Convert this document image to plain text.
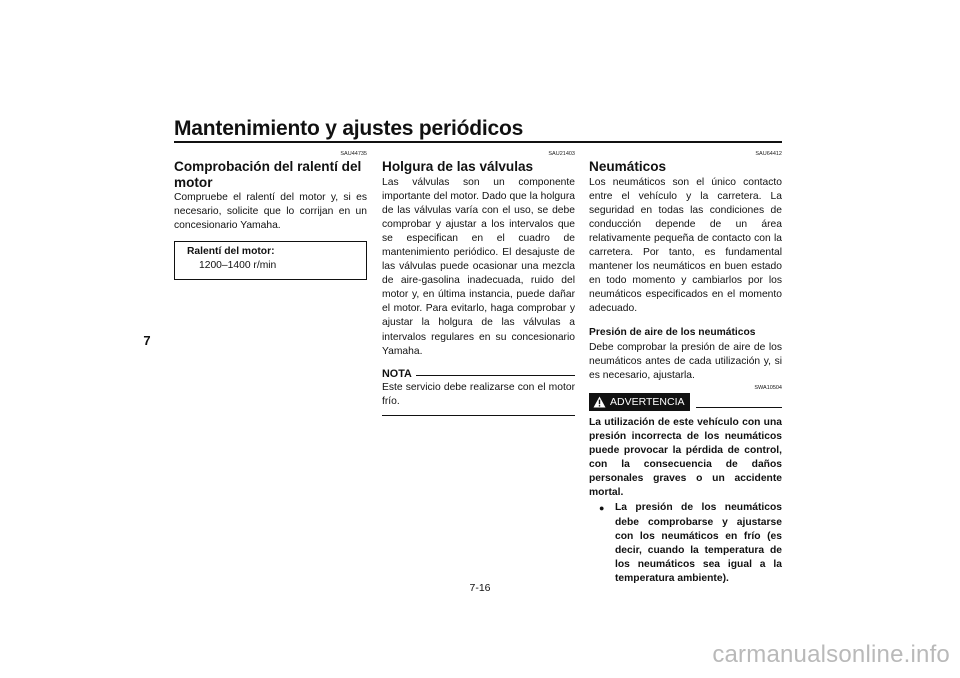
Mantenimiento y ajustes periódicos
7
SAU44735
Comprobación del ralentí del
motor

Compruebe el ralentí del motor y, si es necesario, solicite que lo corrijan en un concesionario Yamaha.

Ralentí del motor:
1200–1400 r/min
SAU21403
Holgura de las válvulas

Las válvulas son un componente importante del motor. Dado que la holgura de las válvulas varía con el uso, se debe comprobar y ajustar a los intervalos que se especifican en el cuadro de mantenimiento periódico. El desajuste de las válvulas puede ocasionar una mezcla de aire-gasolina inadecuada, ruido del motor y, en última instancia, puede dañar el motor. Para evitarlo, haga comprobar y ajustar la holgura de las válvulas a intervalos regulares en su concesionario Yamaha.

NOTA

Este servicio debe realizarse con el motor frío.

SAU64412
Neumáticos

Los neumáticos son el único contacto entre el vehículo y la carretera. La seguridad en todas las condiciones de conducción depende de un área relativamente pequeña de contacto con la carretera. Por tanto, es fundamental mantener los neumáticos en buen estado en todo momento y cambiarlos por los neumáticos especificados en el momento adecuado.

Presión de aire de los neumáticos

Debe comprobar la presión de aire de los neumáticos antes de cada utilización y, si es necesario, ajustarla.

SWA10504
ADVERTENCIA
La utilización de este vehículo con una presión incorrecta de los neumáticos puede provocar la pérdida de control, con la consecuencia de daños personales graves o un accidente mortal.
●	La presión de los neumáticos debe comprobarse y ajustarse con los neumáticos en frío (es decir, cuando la temperatura de los neumáticos sea igual a la temperatura ambiente).
7-16
carmanualsonline.info
